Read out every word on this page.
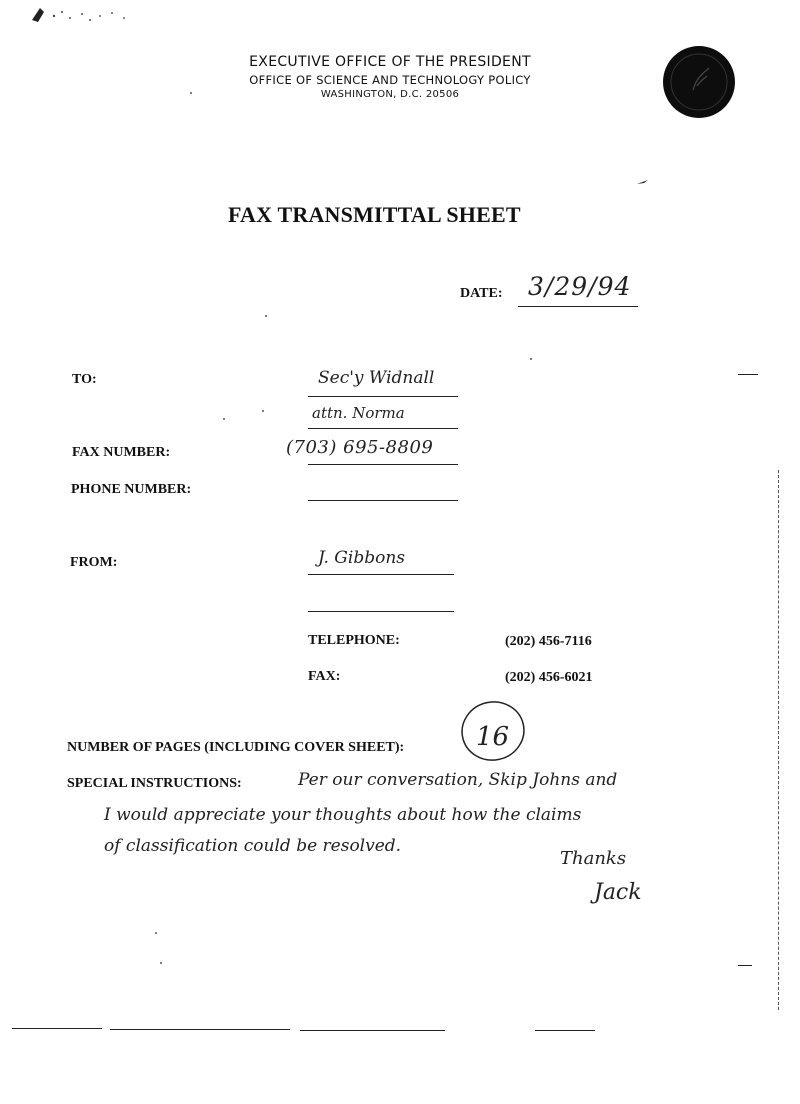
EXECUTIVE OFFICE OF THE PRESIDENT
OFFICE OF SCIENCE AND TECHNOLOGY POLICY
WASHINGTON, D.C. 20506
FAX TRANSMITTAL SHEET
DATE: 3/29/94
TO:	Sec'y Widnall
attn. Norma
FAX NUMBER:	(703) 695-8809
PHONE NUMBER:
FROM:	J. Gibbons
TELEPHONE:	(202) 456-7116
FAX:	(202) 456-6021
NUMBER OF PAGES (INCLUDING COVER SHEET):	16
SPECIAL INSTRUCTIONS:	Per our conversation, Skip Johns and
I would appreciate your thoughts about how the claims
of classification could be resolved.
Thanks
Jack
